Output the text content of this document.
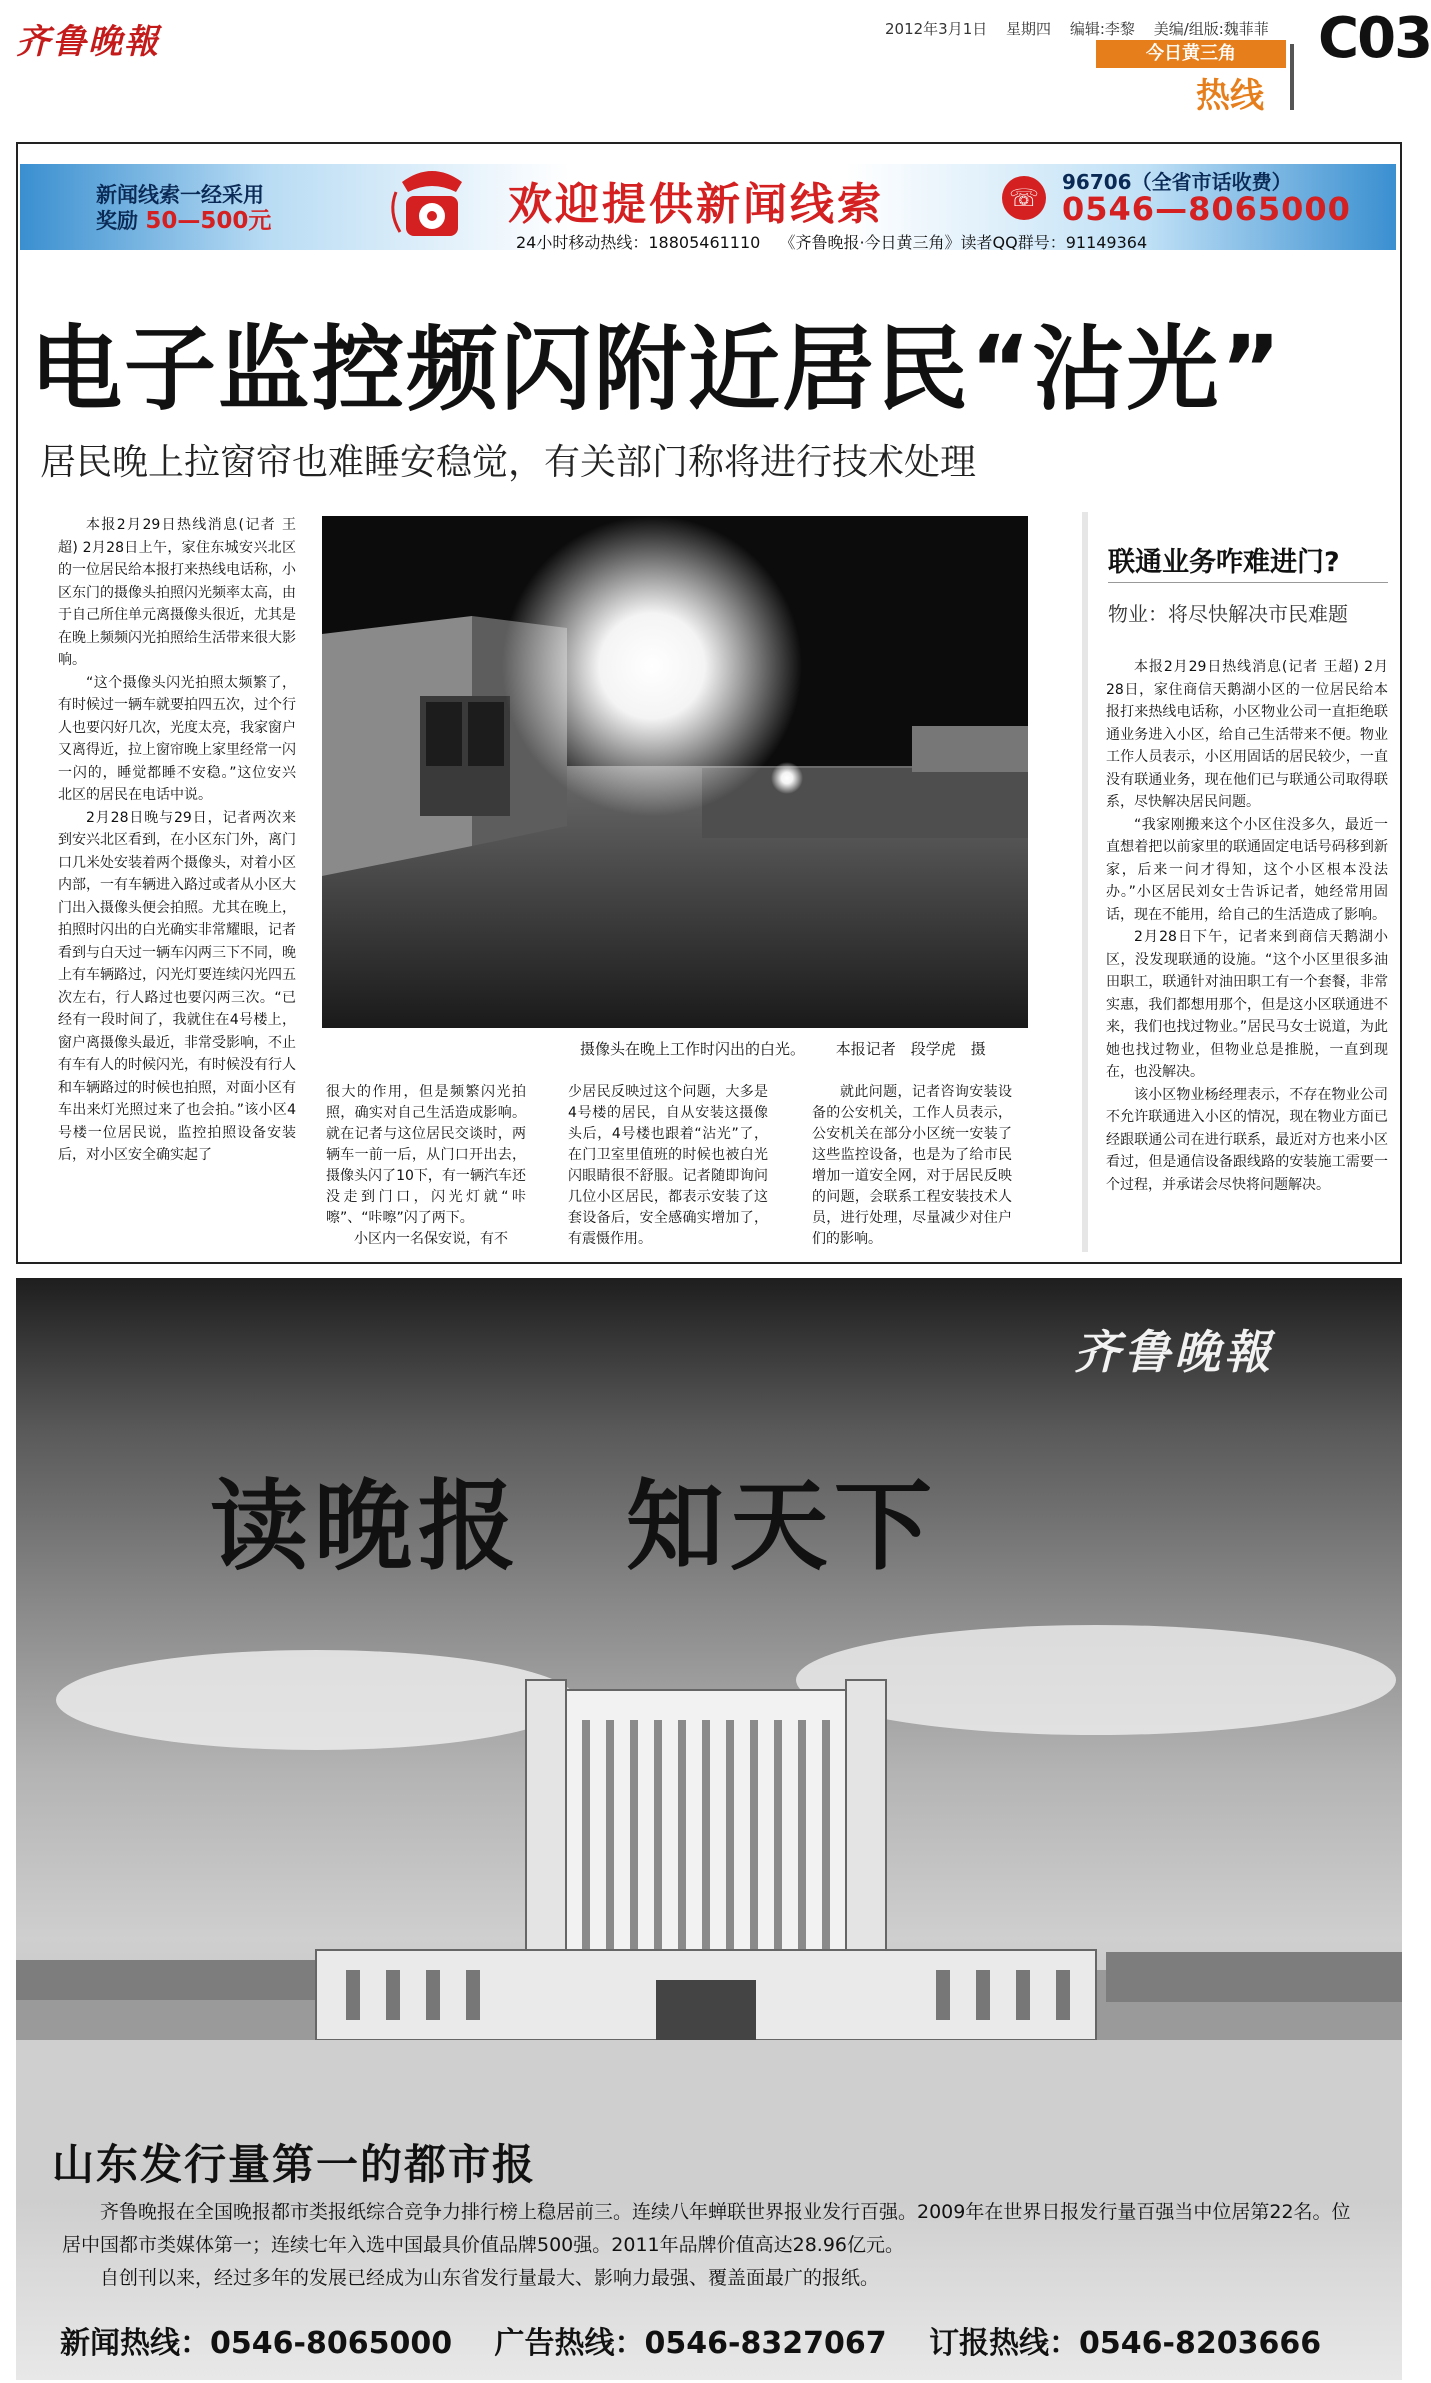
齐鲁晚報	2012年3月1日 星期四 编辑:李黎 美编/组版:魏菲菲
今日黄三角
热线
C03
新闻线索一经采用
奖励 50—500元	欢迎提供新闻线索
24小时移动热线：18805461110 《齐鲁晚报·今日黄三角》读者QQ群号：91149364
☏
96706（全省市话收费）
0546—8065000
电子监控频闪附近居民“沾光”
居民晚上拉窗帘也难睡安稳觉，有关部门称将进行技术处理

本报2月29日热线消息(记者 王超) 2月28日上午，家住东城安兴北区的一位居民给本报打来热线电话称，小区东门的摄像头拍照闪光频率太高，由于自己所住单元离摄像头很近，尤其是在晚上频频闪光拍照给生活带来很大影响。

“这个摄像头闪光拍照太频繁了，有时候过一辆车就要拍四五次，过个行人也要闪好几次，光度太亮，我家窗户又离得近，拉上窗帘晚上家里经常一闪一闪的，睡觉都睡不安稳。”这位安兴北区的居民在电话中说。

2月28日晚与29日，记者两次来到安兴北区看到，在小区东门外，离门口几米处安装着两个摄像头，对着小区内部，一有车辆进入路过或者从小区大门出入摄像头便会拍照。尤其在晚上，拍照时闪出的白光确实非常耀眼，记者看到与白天过一辆车闪两三下不同，晚上有车辆路过，闪光灯要连续闪光四五次左右，行人路过也要闪两三次。“已经有一段时间了，我就住在4号楼上，窗户离摄像头最近，非常受影响，不止有车有人的时候闪光，有时候没有行人和车辆路过的时候也拍照，对面小区有车出来灯光照过来了也会拍。”该小区4号楼一位居民说，监控拍照设备安装后，对小区安全确实起了

摄像头在晚上工作时闪出的白光。 本报记者　段学虎　摄

很大的作用，但是频繁闪光拍照，确实对自己生活造成影响。就在记者与这位居民交谈时，两辆车一前一后，从门口开出去，摄像头闪了10下，有一辆汽车还没走到门口，闪光灯就“咔嚓”、“咔嚓”闪了两下。

小区内一名保安说，有不

少居民反映过这个问题，大多是4号楼的居民，自从安装这摄像头后，4号楼也跟着“沾光”了，在门卫室里值班的时候也被白光闪眼睛很不舒服。记者随即询问几位小区居民，都表示安装了这套设备后，安全感确实增加了，有震慑作用。

就此问题，记者咨询安装设备的公安机关，工作人员表示，公安机关在部分小区统一安装了这些监控设备，也是为了给市民增加一道安全网，对于居民反映的问题，会联系工程安装技术人员，进行处理，尽量减少对住户们的影响。

联通业务咋难进门?
物业：将尽快解决市民难题

本报2月29日热线消息(记者 王超) 2月28日，家住商信天鹅湖小区的一位居民给本报打来热线电话称，小区物业公司一直拒绝联通业务进入小区，给自己生活带来不便。物业工作人员表示，小区用固话的居民较少，一直没有联通业务，现在他们已与联通公司取得联系，尽快解决居民问题。

“我家刚搬来这个小区住没多久，最近一直想着把以前家里的联通固定电话号码移到新家，后来一问才得知，这个小区根本没法办。”小区居民刘女士告诉记者，她经常用固话，现在不能用，给自己的生活造成了影响。

2月28日下午，记者来到商信天鹅湖小区，没发现联通的设施。“这个小区里很多油田职工，联通针对油田职工有一个套餐，非常实惠，我们都想用那个，但是这小区联通进不来，我们也找过物业。”居民马女士说道，为此她也找过物业，但物业总是推脱，一直到现在，也没解决。

该小区物业杨经理表示，不存在物业公司不允许联通进入小区的情况，现在物业方面已经跟联通公司在进行联系，最近对方也来小区看过，但是通信设备跟线路的安装施工需要一个过程，并承诺会尽快将问题解决。

齐鲁晚報
读晚报　知天下
山东发行量第一的都市报

齐鲁晚报在全国晚报都市类报纸综合竞争力排行榜上稳居前三。连续八年蝉联世界报业发行百强。2009年在世界日报发行量百强当中位居第22名。位居中国都市类媒体第一；连续七年入选中国最具价值品牌500强。2011年品牌价值高达28.96亿元。

自创刊以来，经过多年的发展已经成为山东省发行量最大、影响力最强、覆盖面最广的报纸。

新闻热线：0546-8065000 广告热线：0546-8327067 订报热线：0546-8203666
